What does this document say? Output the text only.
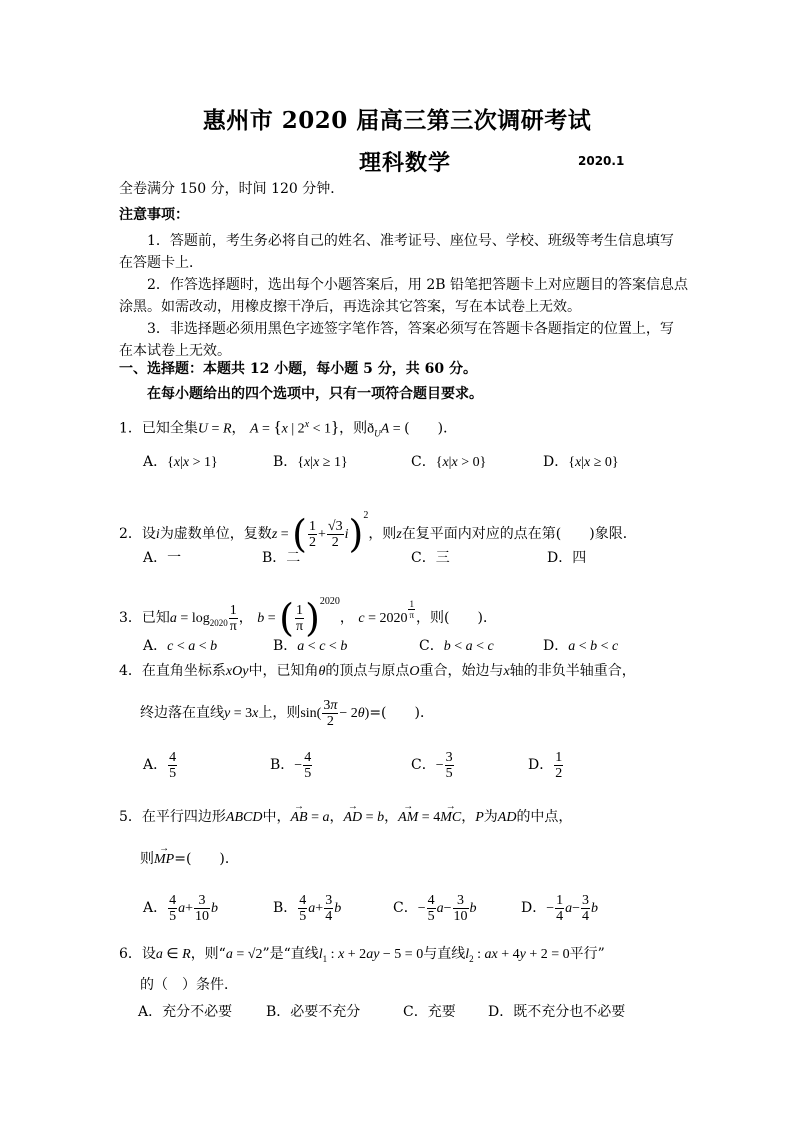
惠州市 2020 届高三第三次调研考试
理科数学	2020.1
全卷满分 150 分，时间 120 分钟．
注意事项：
1．答题前，考生务必将自己的姓名、准考证号、座位号、学校、班级等考生信息填写
在答题卡上．
2．作答选择题时，选出每个小题答案后，用 2B 铅笔把答题卡上对应题目的答案信息点
涂黑。如需改动，用橡皮擦干净后，再选涂其它答案，写在本试卷上无效。
3．非选择题必须用黑色字迹签字笔作答，答案必须写在答题卡各题指定的位置上，写
在本试卷上无效。
一、选择题：本题共 12 小题，每小题 5 分，共 60 分。
在每小题给出的四个选项中，只有一项符合题目要求。
1．已知全集U = R， A = {x | $2^x < 1$}，则$ð_UA$ = (　　)．
A．{x|x > 1}	B．{x|x ≥ 1}	C．{x|x > 0}	D．{x|x ≥ 0}
2．设i为虚数单位，复数z = ( $\frac{1}{2} + \frac{√3}{2} i)^2$，则z在复平面内对应的点在第(　　)象限．
A．一	B．二	C．三	D．四
3．已知$a = \log_{2020} \frac{1}{\pi}$ ， b = ( $\frac{1}{\pi} )^{2020}$， c = 2020 $^{\frac{1}{\pi}}$ ，则(　　)．
A．c < a < b	B．a < c < b	C．b < a < c	D．a < b < c
4．在直角坐标系xOy中，已知角θ的顶点与原点O重合，始边与x轴的非负半轴重合，
终边落在直线y = 3x上，则$\sin( \frac{3\pi}{2} - 2\theta)=$(　　)．
A． $\frac{4}{5}$	B．− $\frac{4}{5}$	C．− $\frac{3}{5}$	D． $\frac{1}{2}$
5．在平行四边形ABCD中，→ AB = a，→ AD = b，→ AM = 4→ MC，P为AD的中点，
则→ MP=(　　)．
A． $\frac{4}{5} a+ \frac{3}{10}$ b	B． $\frac{4}{5} a+ \frac{3}{4}$ b	C．− $\frac{4}{5} a- \frac{3}{10}$ b	D．− $\frac{1}{4} a- \frac{3}{4}$ b
6．设a ∈ R，则“a = √2”是“直线$l_1$ : x + 2ay − 5 = 0与直线$l_2$ : ax + 4y + 2 = 0平行”
的（　）条件．
A．充分不必要 B．必要不充分	C．充要 D．既不充分也不必要
